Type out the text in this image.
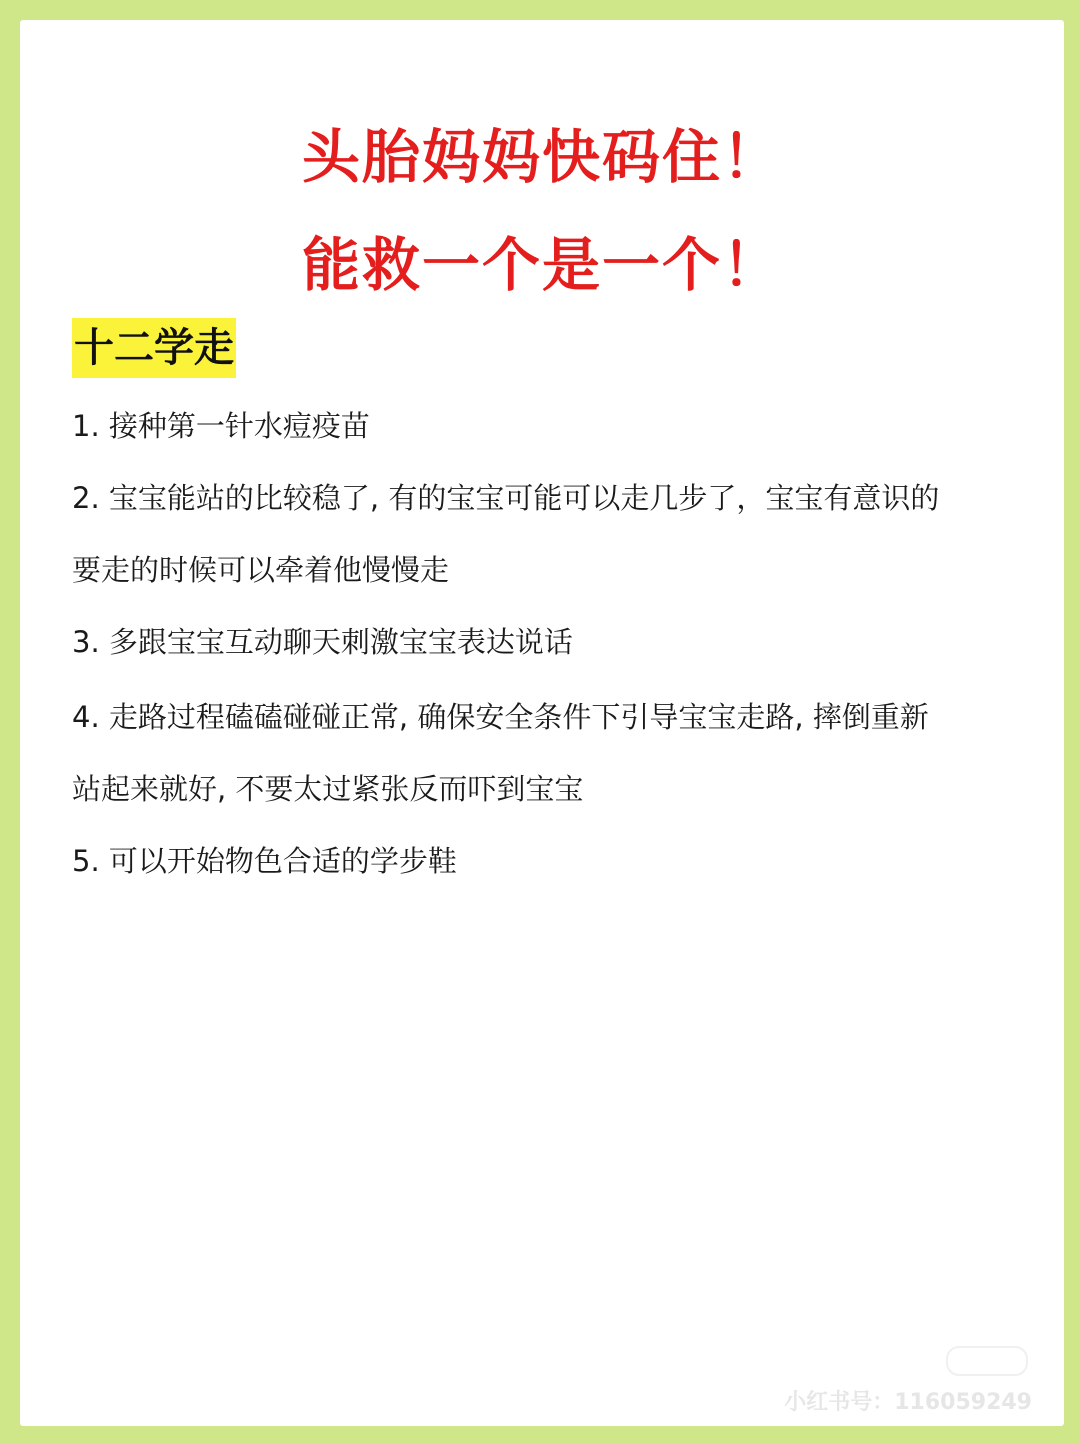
头胎妈妈快码住！
能救一个是一个！
十二学走
1. 接种第一针水痘疫苗
2. 宝宝能站的比较稳了, 有的宝宝可能可以走几步了，宝宝有意识的
要走的时候可以牵着他慢慢走
3. 多跟宝宝互动聊天刺激宝宝表达说话
4. 走路过程磕磕碰碰正常, 确保安全条件下引导宝宝走路, 摔倒重新
站起来就好, 不要太过紧张反而吓到宝宝
5. 可以开始物色合适的学步鞋
小红书号：116059249
